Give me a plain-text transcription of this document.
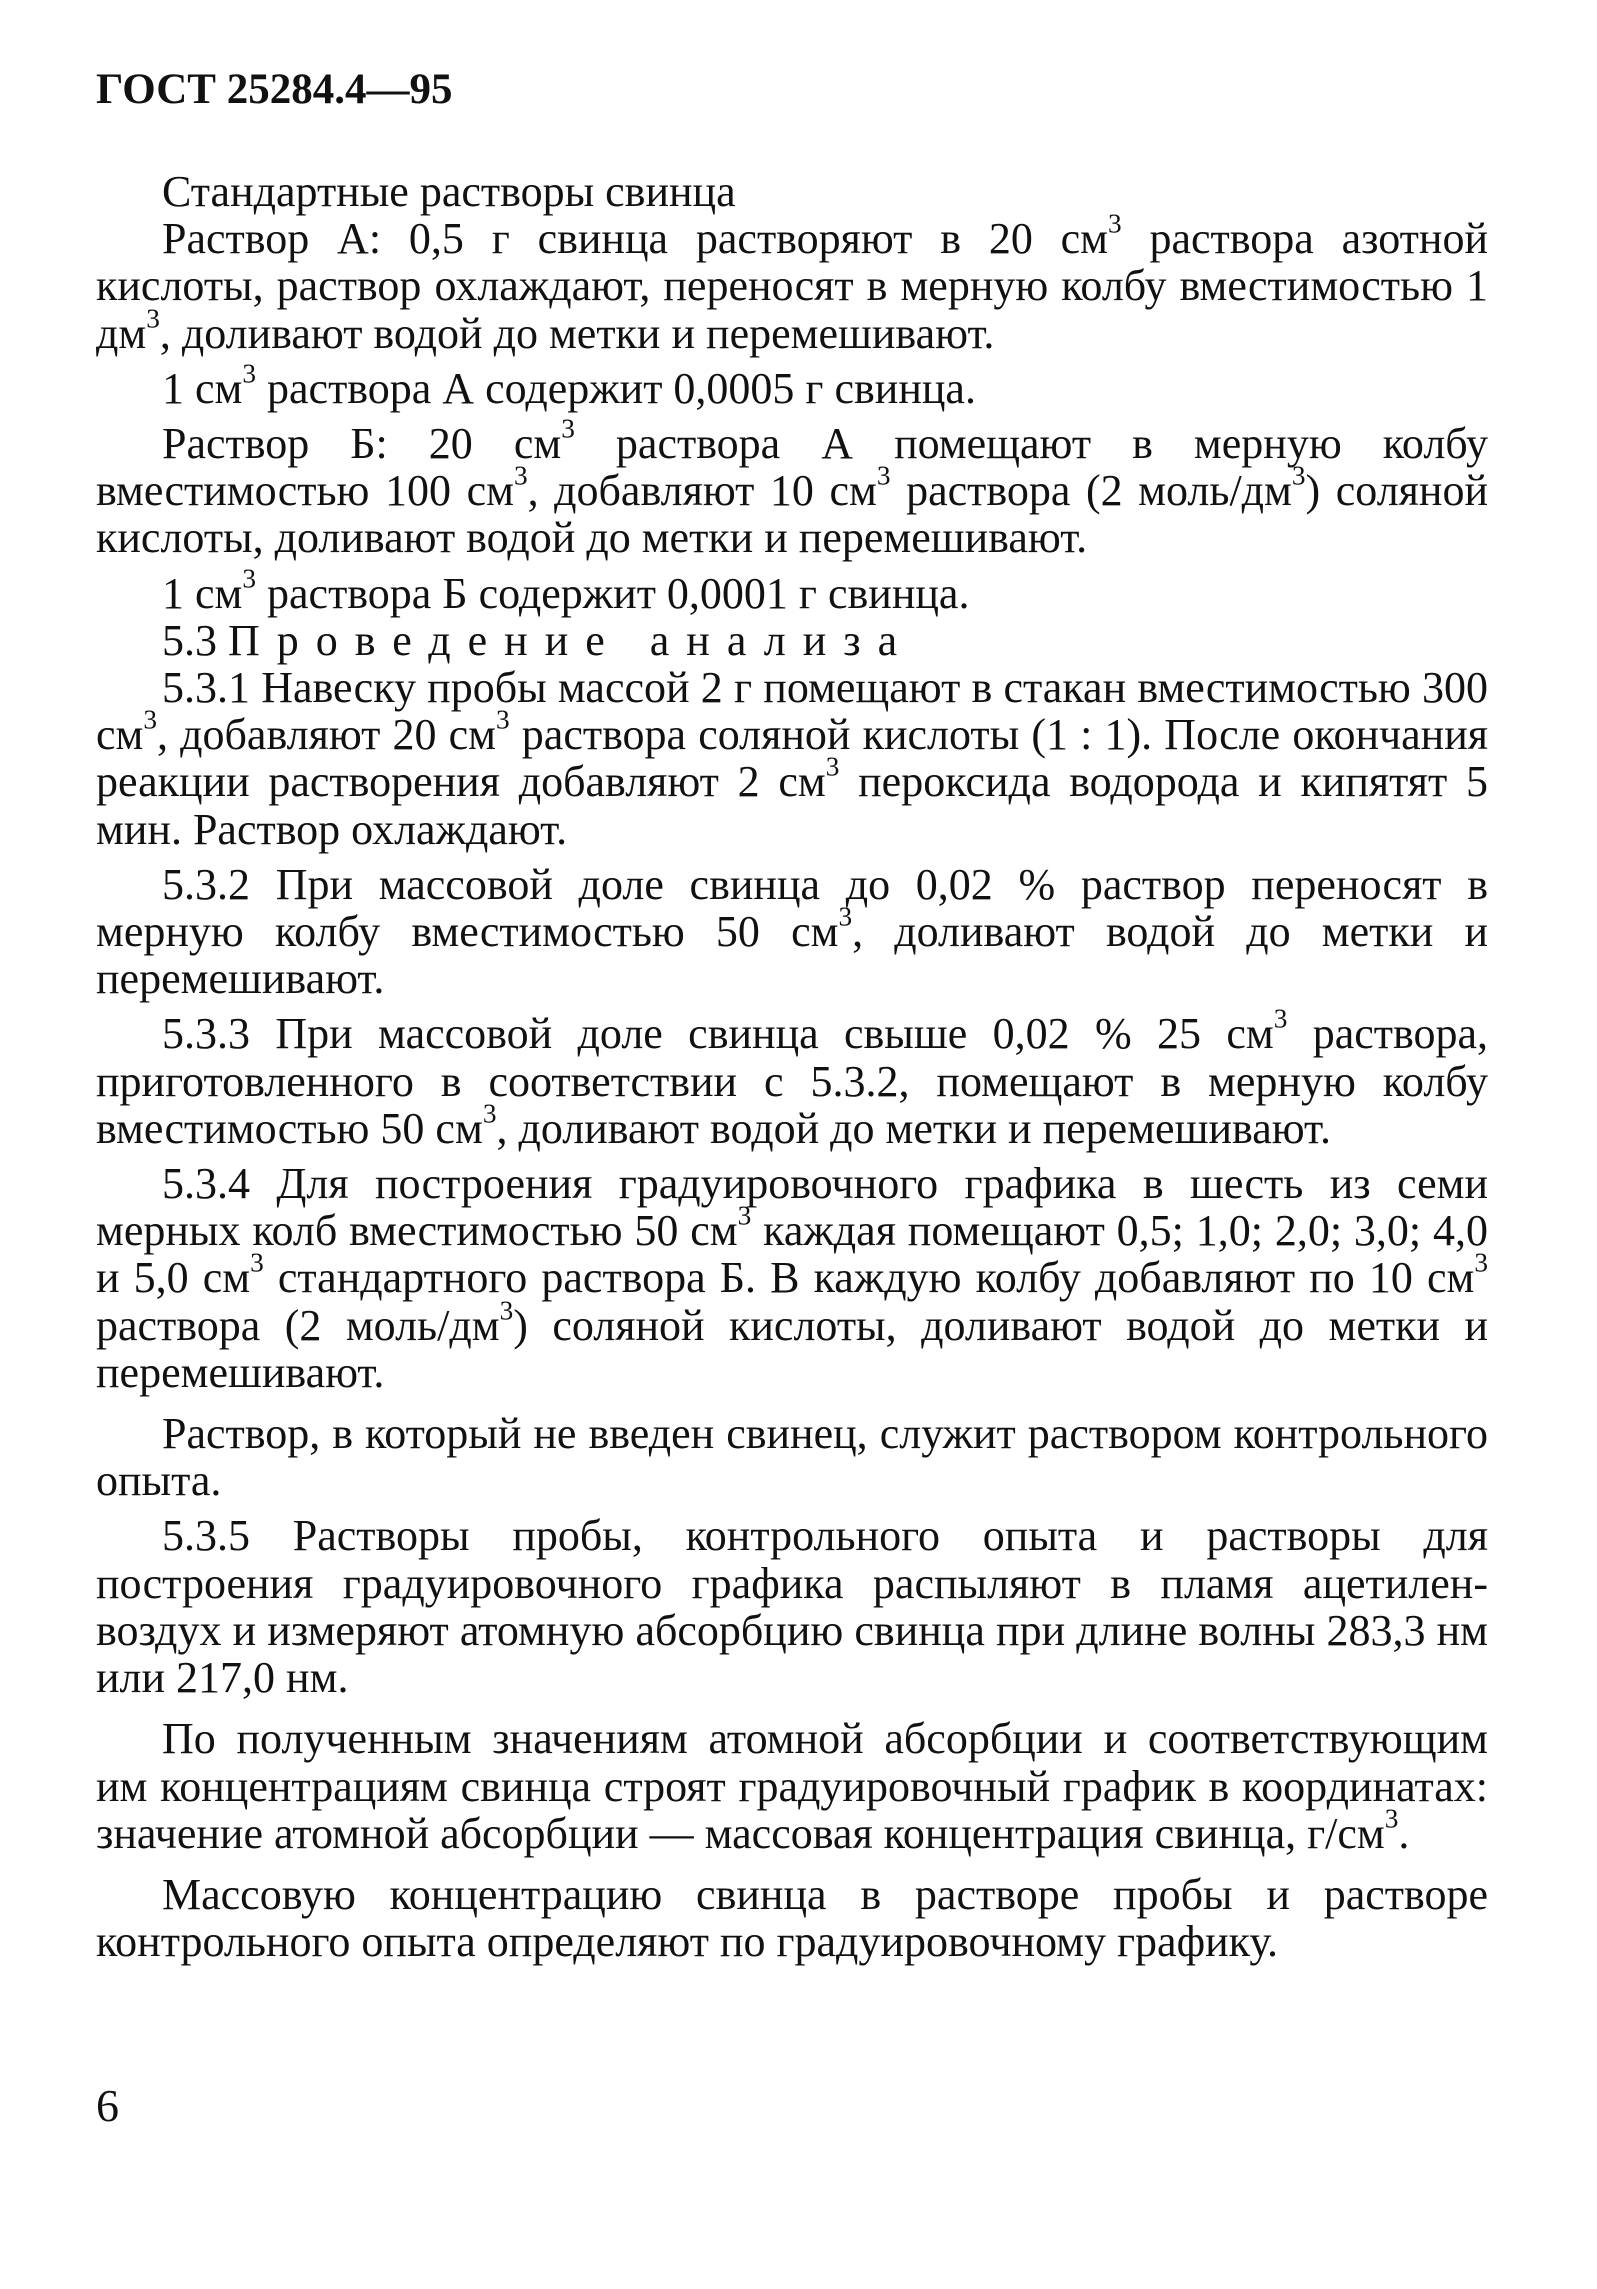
ГОСТ 25284.4—95

Стандартные растворы свинца

Раствор А: 0,5 г свинца растворяют в 20 $см^3$ раствора азотной кислоты, раствор охлаждают, переносят в мерную колбу вместимостью 1 $дм^3$, доливают водой до метки и перемешивают.

1 $см^3$ раствора А содержит 0,0005 г свинца.

Раствор Б: 20 $см^3$ раствора А помещают в мерную колбу вместимостью 100 $см^3$, добавляют 10 $см^3$ раствора (2 моль/$дм^3$) соляной кислоты, доливают водой до метки и перемешивают.

1 $см^3$ раствора Б содержит 0,0001 г свинца.

5.3 Проведение анализа

5.3.1 Навеску пробы массой 2 г помещают в стакан вместимостью 300 $см^3$, добавляют 20 $см^3$ раствора соляной кислоты (1 : 1). После окончания реакции растворения добавляют 2 $см^3$ пероксида водорода и кипятят 5 мин. Раствор охлаждают.

5.3.2 При массовой доле свинца до 0,02 % раствор переносят в мерную колбу вместимостью 50 $см^3$, доливают водой до метки и перемешивают.

5.3.3 При массовой доле свинца свыше 0,02 % 25 $см^3$ раствора, приготовленного в соответствии с 5.3.2, помещают в мерную колбу вместимостью 50 $см^3$, доливают водой до метки и перемешивают.

5.3.4 Для построения градуировочного графика в шесть из семи мерных колб вместимостью 50 $см^3$ каждая помещают 0,5; 1,0; 2,0; 3,0; 4,0 и 5,0 $см^3$ стандартного раствора Б. В каждую колбу добавляют по 10 $см^3$ раствора (2 моль/$дм^3$) соляной кислоты, доливают водой до метки и перемешивают.

Раствор, в который не введен свинец, служит раствором контрольного опыта.

5.3.5 Растворы пробы, контрольного опыта и растворы для построения градуировочного графика распыляют в пламя ацетилен-воздух и измеряют атомную абсорбцию свинца при длине волны 283,3 нм или 217,0 нм.

По полученным значениям атомной абсорбции и соответствующим им концентрациям свинца строят градуировочный график в координатах: значение атомной абсорбции — массовая концентрация свинца, $г/см^3$.

Массовую концентрацию свинца в растворе пробы и растворе контрольного опыта определяют по градуировочному графику.

6
